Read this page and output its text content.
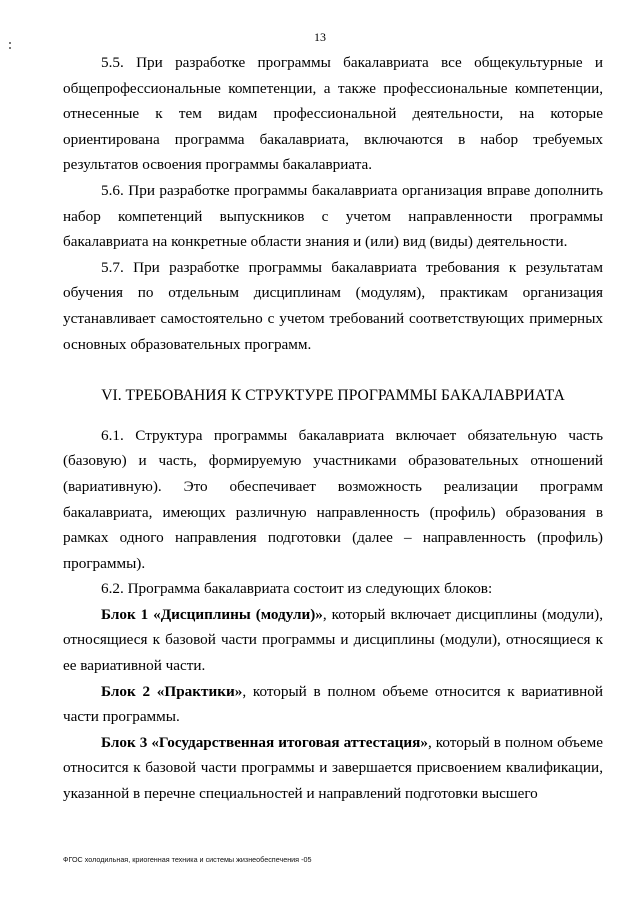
13

5.5. При разработке программы бакалавриата все общекультурные и общепрофессиональные компетенции, а также профессиональные компетенции, отнесенные к тем видам профессиональной деятельности, на которые ориентирована программа бакалавриата, включаются в набор требуемых результатов освоения программы бакалавриата.

5.6. При разработке программы бакалавриата организация вправе дополнить набор компетенций выпускников с учетом направленности программы бакалавриата на конкретные области знания и (или) вид (виды) деятельности.

5.7. При разработке программы бакалавриата требования к результатам обучения по отдельным дисциплинам (модулям), практикам организация устанавливает самостоятельно с учетом требований соответствующих примерных основных образовательных программ.

VI. ТРЕБОВАНИЯ К СТРУКТУРЕ ПРОГРАММЫ БАКАЛАВРИАТА

6.1. Структура программы бакалавриата включает обязательную часть (базовую) и часть, формируемую участниками образовательных отношений (вариативную). Это обеспечивает возможность реализации программ бакалавриата, имеющих различную направленность (профиль) образования в рамках одного направления подготовки (далее – направленность (профиль) программы).

6.2. Программа бакалавриата состоит из следующих блоков:

Блок 1 «Дисциплины (модули)», который включает дисциплины (модули), относящиеся к базовой части программы и дисциплины (модули), относящиеся к ее вариативной части.

Блок 2 «Практики», который в полном объеме относится к вариативной части программы.

Блок 3 «Государственная итоговая аттестация», который в полном объеме относится к базовой части программы и завершается присвоением квалификации, указанной в перечне специальностей и направлений подготовки высшего

ФГОС холодильная, криогенная техника и системы жизнеобеспечения -05
